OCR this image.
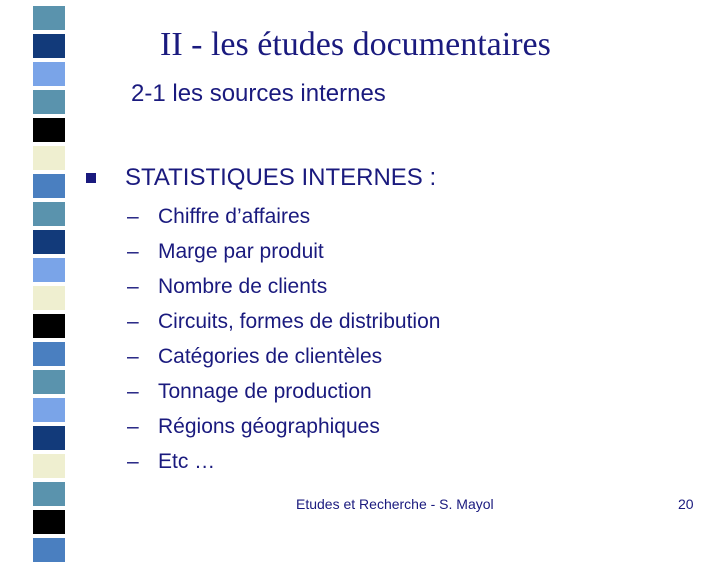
II - les études documentaires
2-1 les sources internes
STATISTIQUES INTERNES :
– Chiffre d’affaires
– Marge par produit
– Nombre de clients
– Circuits, formes de distribution
– Catégories de clientèles
– Tonnage de production
– Régions géographiques
– Etc …
Etudes et Recherche - S. Mayol	20
